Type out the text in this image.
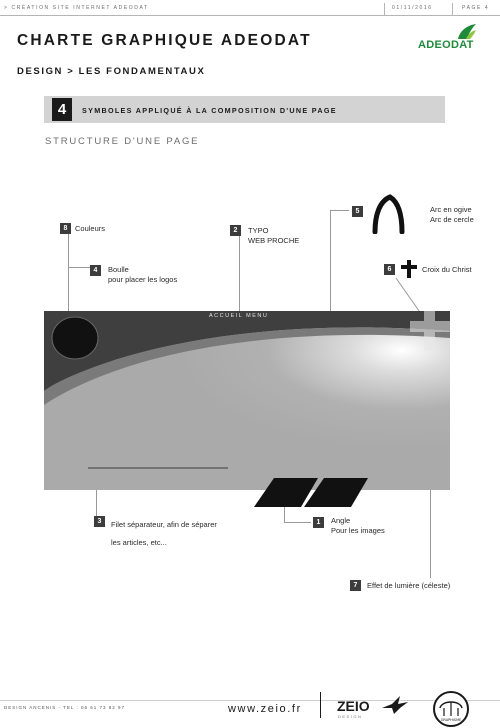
> CRÉATION SITE INTERNET ADEODAT	01/11/2016	PAGE 4
CHARTE GRAPHIQUE ADEODAT
DESIGN > LES FONDAMENTAUX
ADEODAT
4	SYMBOLES APPLIQUÉ À LA COMPOSITION D'UNE PAGE
STRUCTURE D'UNE PAGE
ACCUEIL MENU
8	Couleurs	2	TYPO
WEB PROCHE
5	Arc en ogive
Arc de cercle
4	Boulle
pour placer les logos
6	Croix du Christ
3	Filet séparateur, afin de séparer
les articles, etc...
1	Angle
Pour les images
7	Effet de lumière (céleste)
DESIGN ANCENIS - TEL : 06 61 73 82 97	www.zeio.fr	ZEIO
DESIGN
GRAPHISME
